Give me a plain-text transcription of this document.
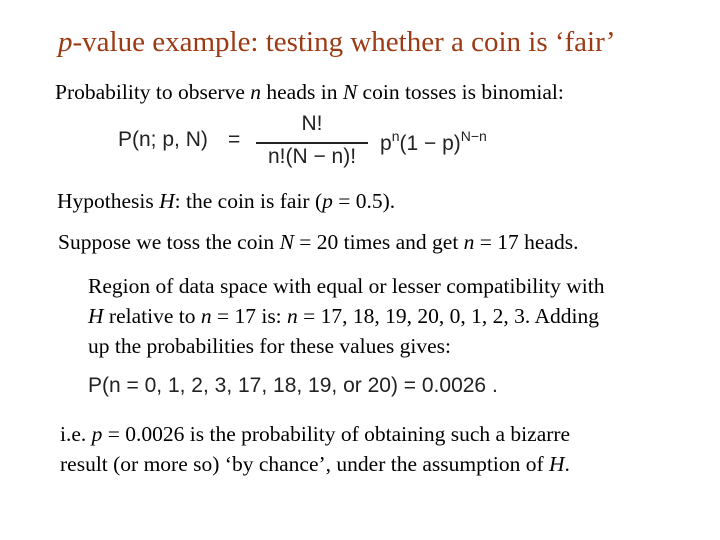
p-value example: testing whether a coin is ‘fair’
Probability to observe n heads in N coin tosses is binomial:
P(n; p, N) =
N!
n!(N − n)!
$p^n(1 - p)^{N-n}$
Hypothesis H: the coin is fair (p = 0.5).
Suppose we toss the coin N = 20 times and get n = 17 heads.
Region of data space with equal or lesser compatibility with
H relative to n = 17 is: n = 17, 18, 19, 20, 0, 1, 2, 3. Adding
up the probabilities for these values gives:
P(n = 0, 1, 2, 3, 17, 18, 19, or 20) = 0.0026 .
i.e. p = 0.0026 is the probability of obtaining such a bizarre
result (or more so) ‘by chance’, under the assumption of H.
